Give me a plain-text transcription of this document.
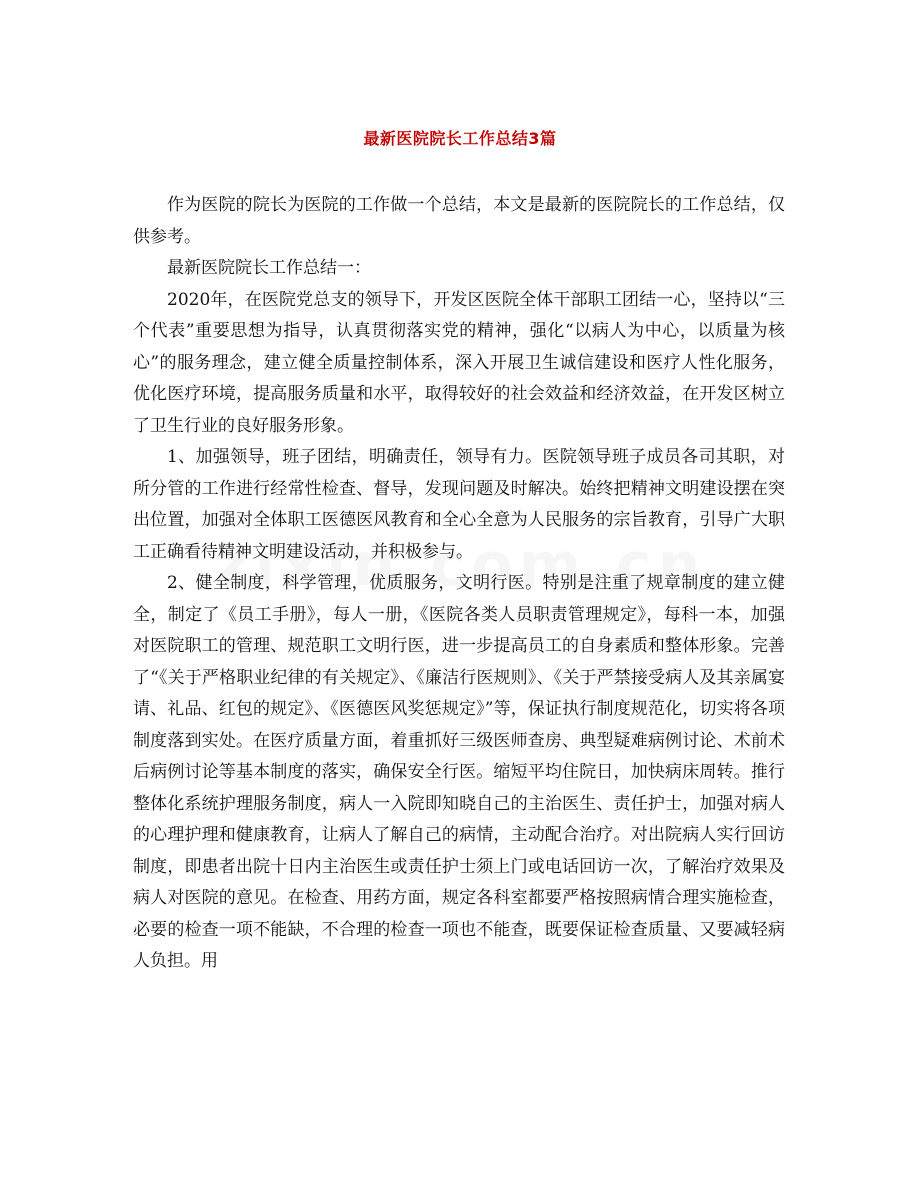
最新医院院长工作总结3篇

作为医院的院长为医院的工作做一个总结，本文是最新的医院院长的工作总结，仅供参考。

最新医院院长工作总结一：

2020年，在医院党总支的领导下，开发区医院全体干部职工团结一心，坚持以“三个代表”重要思想为指导，认真贯彻落实党的精神，强化“以病人为中心，以质量为核心”的服务理念，建立健全质量控制体系，深入开展卫生诚信建设和医疗人性化服务，优化医疗环境，提高服务质量和水平，取得较好的社会效益和经济效益，在开发区树立了卫生行业的良好服务形象。

1、加强领导，班子团结，明确责任，领导有力。医院领导班子成员各司其职，对所分管的工作进行经常性检查、督导，发现问题及时解决。始终把精神文明建设摆在突出位置，加强对全体职工医德医风教育和全心全意为人民服务的宗旨教育，引导广大职工正确看待精神文明建设活动，并积极参与。

2、健全制度，科学管理，优质服务，文明行医。特别是注重了规章制度的建立健全，制定了《员工手册》，每人一册，《医院各类人员职责管理规定》，每科一本，加强对医院职工的管理、规范职工文明行医，进一步提高员工的自身素质和整体形象。完善了“《关于严格职业纪律的有关规定》、《廉洁行医规则》、《关于严禁接受病人及其亲属宴请、礼品、红包的规定》、《医德医风奖惩规定》”等，保证执行制度规范化，切实将各项制度落到实处。在医疗质量方面，着重抓好三级医师查房、典型疑难病例讨论、术前术后病例讨论等基本制度的落实，确保安全行医。缩短平均住院日，加快病床周转。推行整体化系统护理服务制度，病人一入院即知晓自己的主治医生、责任护士，加强对病人的心理护理和健康教育，让病人了解自己的病情，主动配合治疗。对出院病人实行回访制度，即患者出院十日内主治医生或责任护士须上门或电话回访一次，了解治疗效果及病人对医院的意见。在检查、用药方面，规定各科室都要严格按照病情合理实施检查，必要的检查一项不能缺，不合理的检查一项也不能查，既要保证检查质量、又要减轻病人负担。用
